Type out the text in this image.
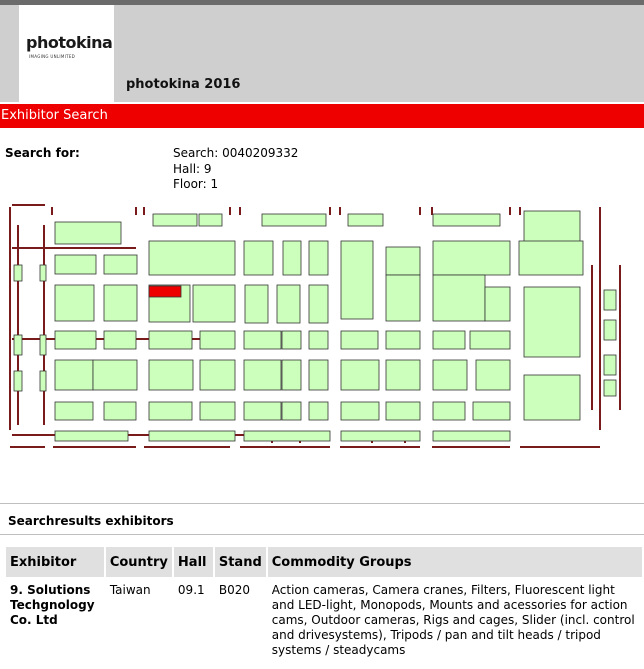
photokina
IMAGING UNLIMITED
photokina 2016
Exhibitor Search
Search for:	Search: 0040209332
Hall: 9
Floor: 1
Searchresults exhibitors
Exhibitor	Country	Hall	Stand	Commodity Groups
9. Solutions Techgnology Co. Ltd	Taiwan	09.1	B020	Action cameras, Camera cranes, Filters, Fluorescent light and LED-light, Monopods, Mounts and acessories for action cams, Outdoor cameras, Rigs and cages, Slider (incl. control and drivesystems), Tripods / pan and tilt heads / tripod systems / steadycams
